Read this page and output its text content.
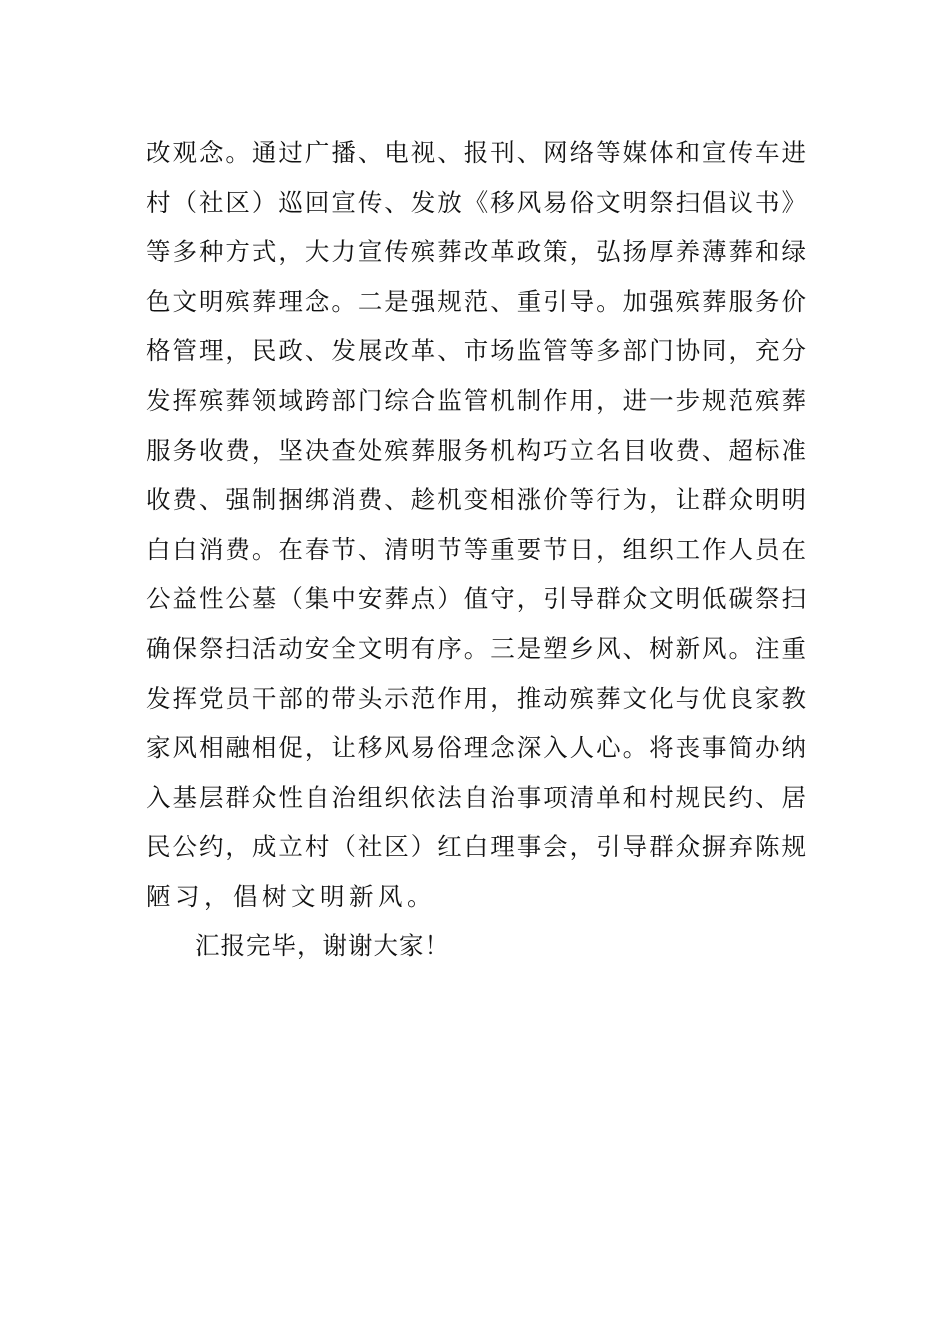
改观念。通过广播、电视、报刊、网络等媒体和宣传车进
村（社区）巡回宣传、发放《移风易俗文明祭扫倡议书》
等多种方式，大力宣传殡葬改革政策，弘扬厚养薄葬和绿
色文明殡葬理念。二是强规范、重引导。加强殡葬服务价
格管理，民政、发展改革、市场监管等多部门协同，充分
发挥殡葬领域跨部门综合监管机制作用，进一步规范殡葬
服务收费，坚决查处殡葬服务机构巧立名目收费、超标准
收费、强制捆绑消费、趁机变相涨价等行为，让群众明明
白白消费。在春节、清明节等重要节日，组织工作人员在
公益性公墓（集中安葬点）值守，引导群众文明低碳祭扫
确保祭扫活动安全文明有序。三是塑乡风、树新风。注重
发挥党员干部的带头示范作用，推动殡葬文化与优良家教
家风相融相促，让移风易俗理念深入人心。将丧事简办纳
入基层群众性自治组织依法自治事项清单和村规民约、居
民公约，成立村（社区）红白理事会，引导群众摒弃陈规
陋习，倡树文明新风。
汇报完毕，谢谢大家！
